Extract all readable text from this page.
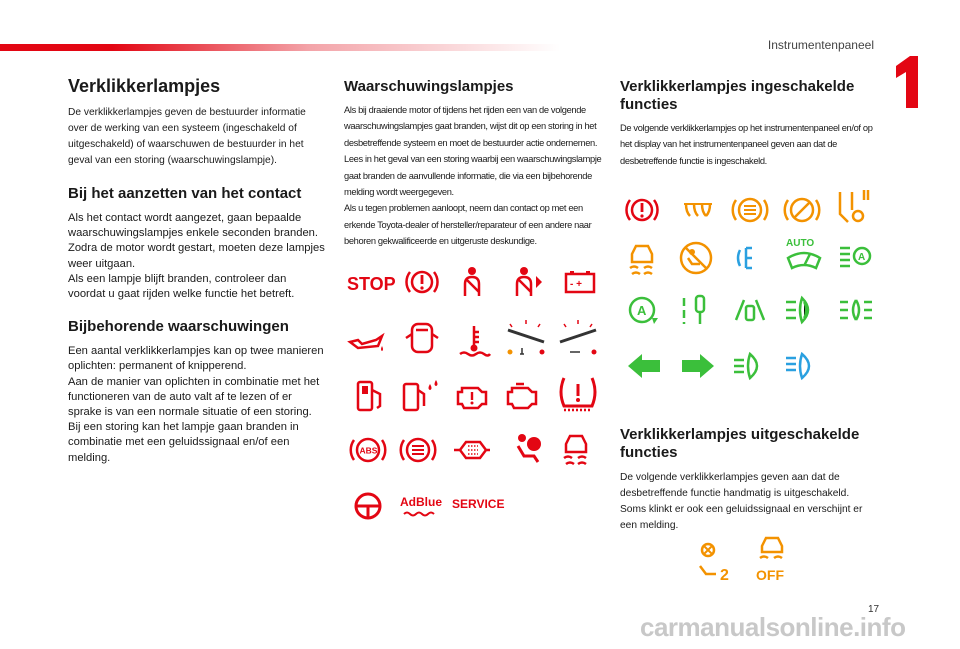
Instrumentenpaneel
Verklikkerlampjes

De verklikkerlampjes geven de bestuurder informatie over de werking van een systeem (ingeschakeld of uitgeschakeld) of waarschuwen de bestuurder in het geval van een storing (waarschuwingslampje).

Bij het aanzetten van het contact

Als het contact wordt aangezet, gaan bepaalde waarschuwingslampjes enkele seconden branden.
Zodra de motor wordt gestart, moeten deze lampjes weer uitgaan.
Als een lampje blijft branden, controleer dan voordat u gaat rijden welke functie het betreft.

Bijbehorende waarschuwingen

Een aantal verklikkerlampjes kan op twee manieren oplichten: permanent of knipperend.
Aan de manier van oplichten in combinatie met het functioneren van de auto valt af te lezen of er sprake is van een normale situatie of een storing. Bij een storing kan het lampje gaan branden in combinatie met een geluidssignaal en/of een melding.

Waarschuwingslampjes

Als bij draaiende motor of tijdens het rijden een van de volgende waarschuwingslampjes gaat branden, wijst dit op een storing in het desbetreffende systeem en moet de bestuurder actie ondernemen.
Lees in het geval van een storing waarbij een waarschuwingslampje gaat branden de aanvullende informatie, die via een bijbehorende melding wordt weergegeven.
Als u tegen problemen aanloopt, neem dan contact op met een erkende Toyota-dealer of hersteller/reparateur of een andere naar behoren gekwalificeerde en uitgeruste deskundige.

Verklikkerlampjes ingeschakelde functies

De volgende verklikkerlampjes op het instrumentenpaneel en/of op het display van het instrumentenpaneel geven aan dat de desbetreffende functie is ingeschakeld.

Verklikkerlampjes uitgeschakelde functies

De volgende verklikkerlampjes geven aan dat de desbetreffende functie handmatig is uitgeschakeld.
Soms klinkt er ook een geluidssignaal en verschijnt er een melding.

STOP	- +
ABS
AdBlue SERVICE
AUTO
A
A
2 OFF
17
carmanualsonline.info
